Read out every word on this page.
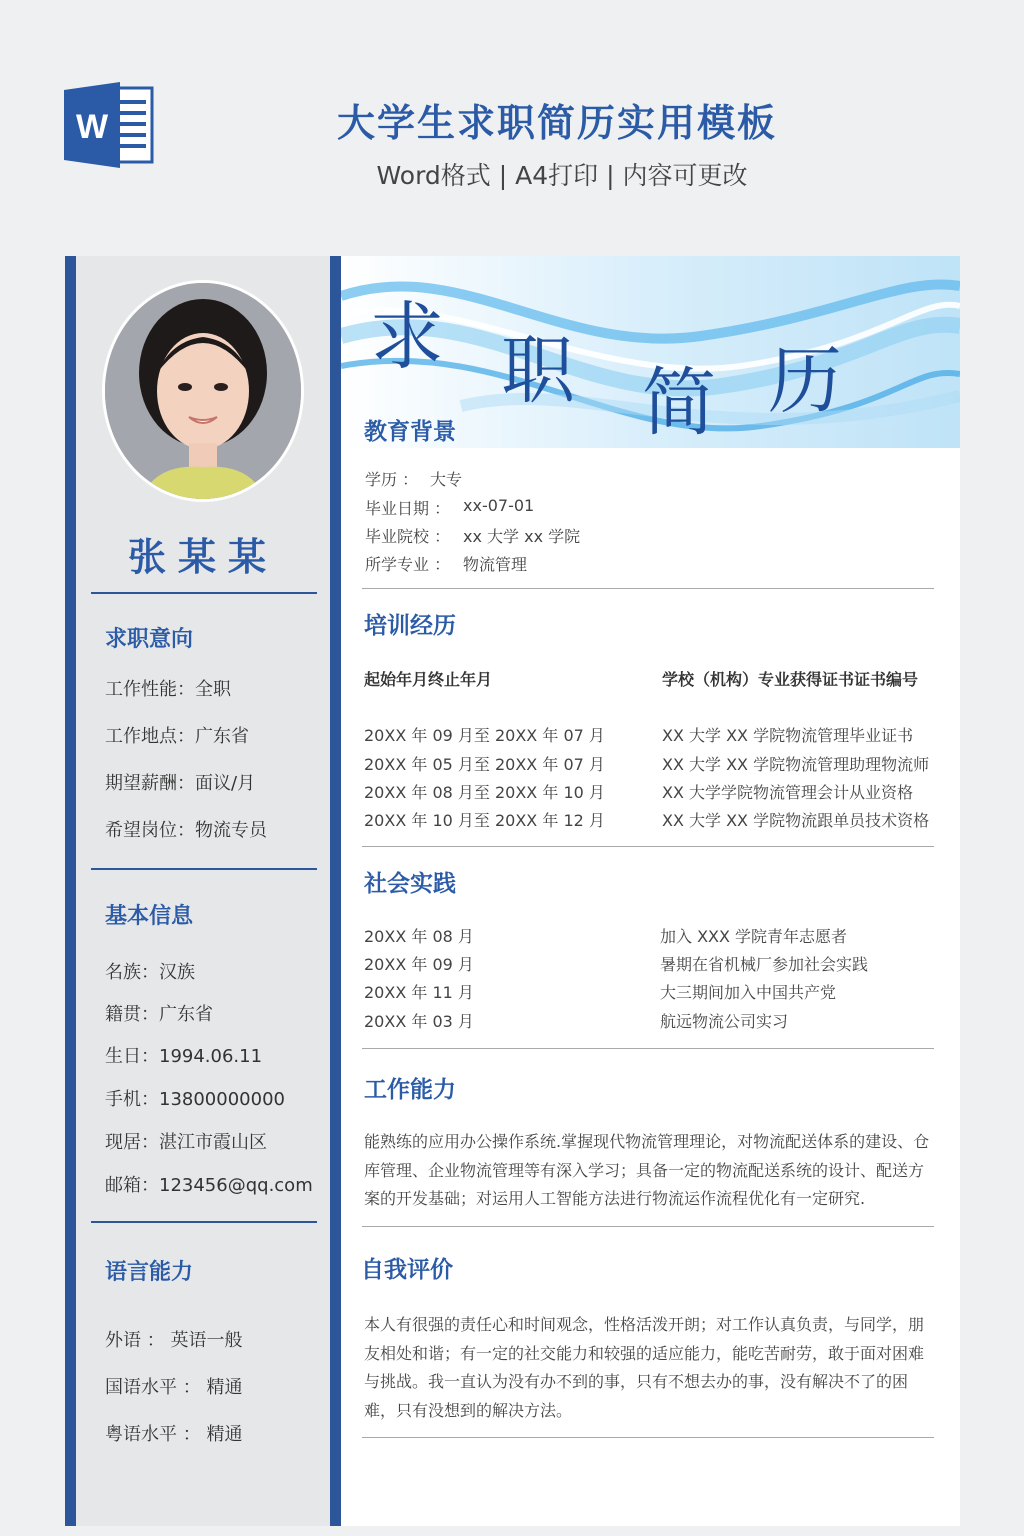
W	大学生求职简历实用模板
Word格式 | A4打印 | 内容可更改
张某某
求职意向
工作性能：全职
工作地点：广东省
期望薪酬：面议/月
希望岗位：物流专员
基本信息
名族：汉族
籍贯：广东省
生日：1994.06.11
手机：13800000000
现居：湛江市霞山区
邮箱：123456@qq.com
语言能力
外语 ： 英语一般
国语水平 ： 精通
粤语水平 ： 精通
求 职 简 历
教育背景
学历 ： 大专
毕业日期 ： xx-07-01
毕业院校 ： xx 大学 xx 学院
所学专业 ： 物流管理
培训经历
起始年月终止年月	学校（机构）专业获得证书证书编号
20XX 年 09 月至 20XX 年 07 月	XX 大学 XX 学院物流管理毕业证书
20XX 年 05 月至 20XX 年 07 月	XX 大学 XX 学院物流管理助理物流师
20XX 年 08 月至 20XX 年 10 月	XX 大学学院物流管理会计从业资格
20XX 年 10 月至 20XX 年 12 月	XX 大学 XX 学院物流跟单员技术资格
社会实践
20XX 年 08 月	加入 XXX 学院青年志愿者
20XX 年 09 月	暑期在省机械厂参加社会实践
20XX 年 11 月	大三期间加入中国共产党
20XX 年 03 月	航远物流公司实习
工作能力
能熟练的应用办公操作系统.掌握现代物流管理理论，对物流配送体系的建设、仓库管理、企业物流管理等有深入学习；具备一定的物流配送系统的设计、配送方案的开发基础；对运用人工智能方法进行物流运作流程优化有一定研究.
自我评价
本人有很强的责任心和时间观念，性格活泼开朗；对工作认真负责，与同学，朋友相处和谐；有一定的社交能力和较强的适应能力，能吃苦耐劳，敢于面对困难与挑战。我一直认为没有办不到的事，只有不想去办的事，没有解决不了的困难，只有没想到的解决方法。
